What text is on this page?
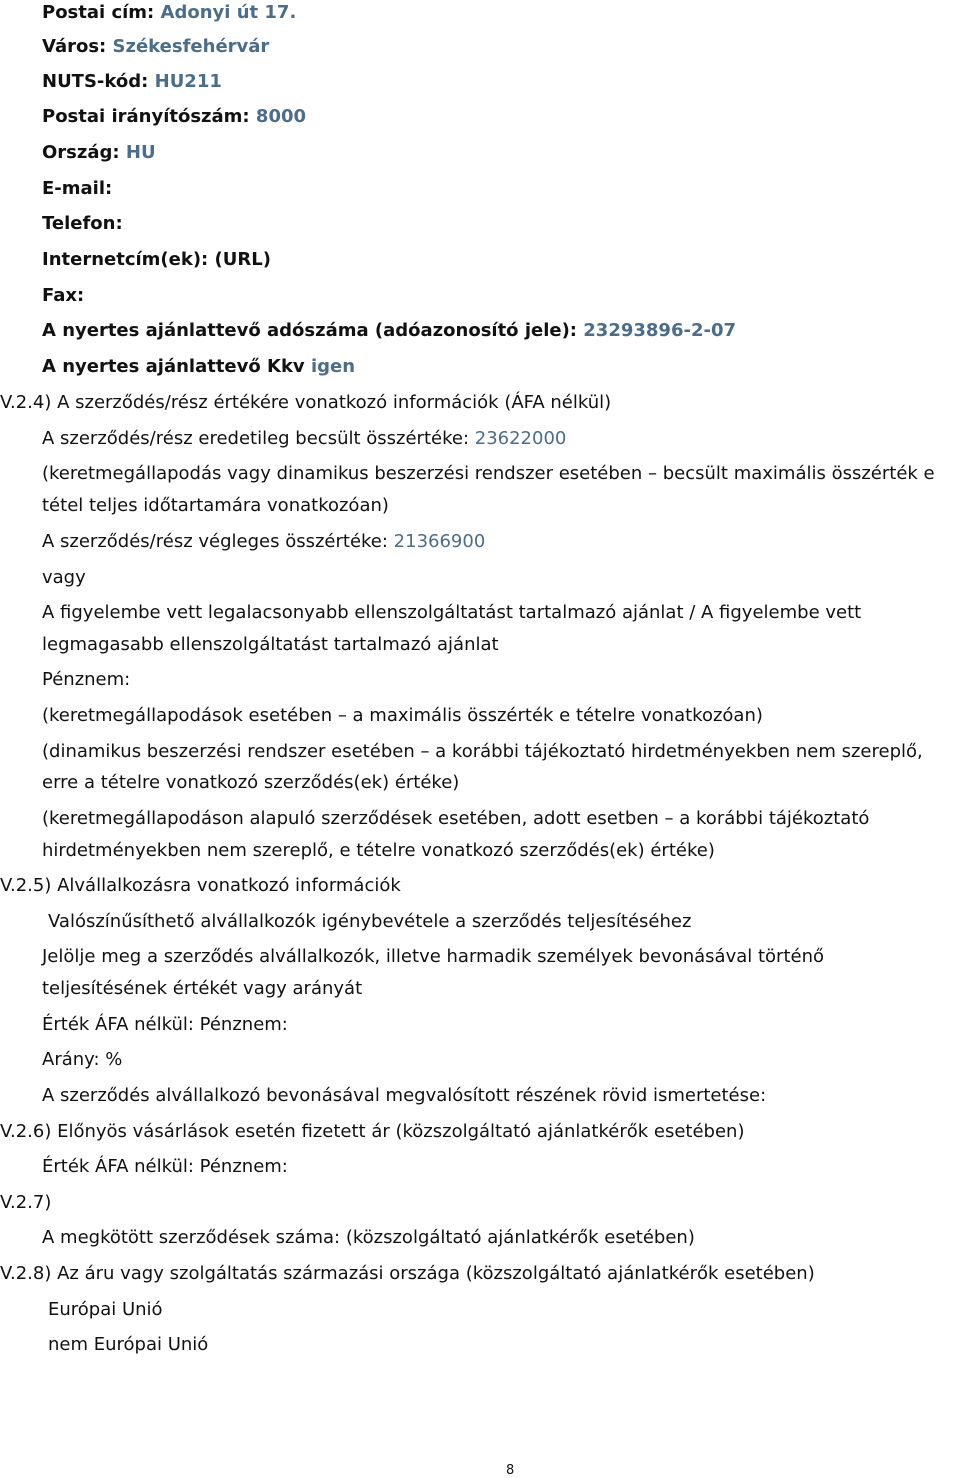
Postai cím: Adonyi út 17.
Város: Székesfehérvár
NUTS-kód: HU211
Postai irányítószám: 8000
Ország: HU
E-mail:
Telefon:
Internetcím(ek): (URL)
Fax:
A nyertes ajánlattevő adószáma (adóazonosító jele): 23293896-2-07
A nyertes ajánlattevő Kkv igen
V.2.4) A szerződés/rész értékére vonatkozó információk (ÁFA nélkül)
A szerződés/rész eredetileg becsült összértéke: 23622000
(keretmegállapodás vagy dinamikus beszerzési rendszer esetében – becsült maximális összérték e
tétel teljes időtartamára vonatkozóan)
A szerződés/rész végleges összértéke: 21366900
vagy
A figyelembe vett legalacsonyabb ellenszolgáltatást tartalmazó ajánlat / A figyelembe vett
legmagasabb ellenszolgáltatást tartalmazó ajánlat
Pénznem:
(keretmegállapodások esetében – a maximális összérték e tételre vonatkozóan)
(dinamikus beszerzési rendszer esetében – a korábbi tájékoztató hirdetményekben nem szereplő,
erre a tételre vonatkozó szerződés(ek) értéke)
(keretmegállapodáson alapuló szerződések esetében, adott esetben – a korábbi tájékoztató
hirdetményekben nem szereplő, e tételre vonatkozó szerződés(ek) értéke)
V.2.5) Alvállalkozásra vonatkozó információk
Valószínűsíthető alvállalkozók igénybevétele a szerződés teljesítéséhez
Jelölje meg a szerződés alvállalkozók, illetve harmadik személyek bevonásával történő
teljesítésének értékét vagy arányát
Érték ÁFA nélkül: Pénznem:
Arány: %
A szerződés alvállalkozó bevonásával megvalósított részének rövid ismertetése:
V.2.6) Előnyös vásárlások esetén fizetett ár (közszolgáltató ajánlatkérők esetében)
Érték ÁFA nélkül: Pénznem:
V.2.7)
A megkötött szerződések száma: (közszolgáltató ajánlatkérők esetében)
V.2.8) Az áru vagy szolgáltatás származási országa (közszolgáltató ajánlatkérők esetében)
Európai Unió
nem Európai Unió
8
